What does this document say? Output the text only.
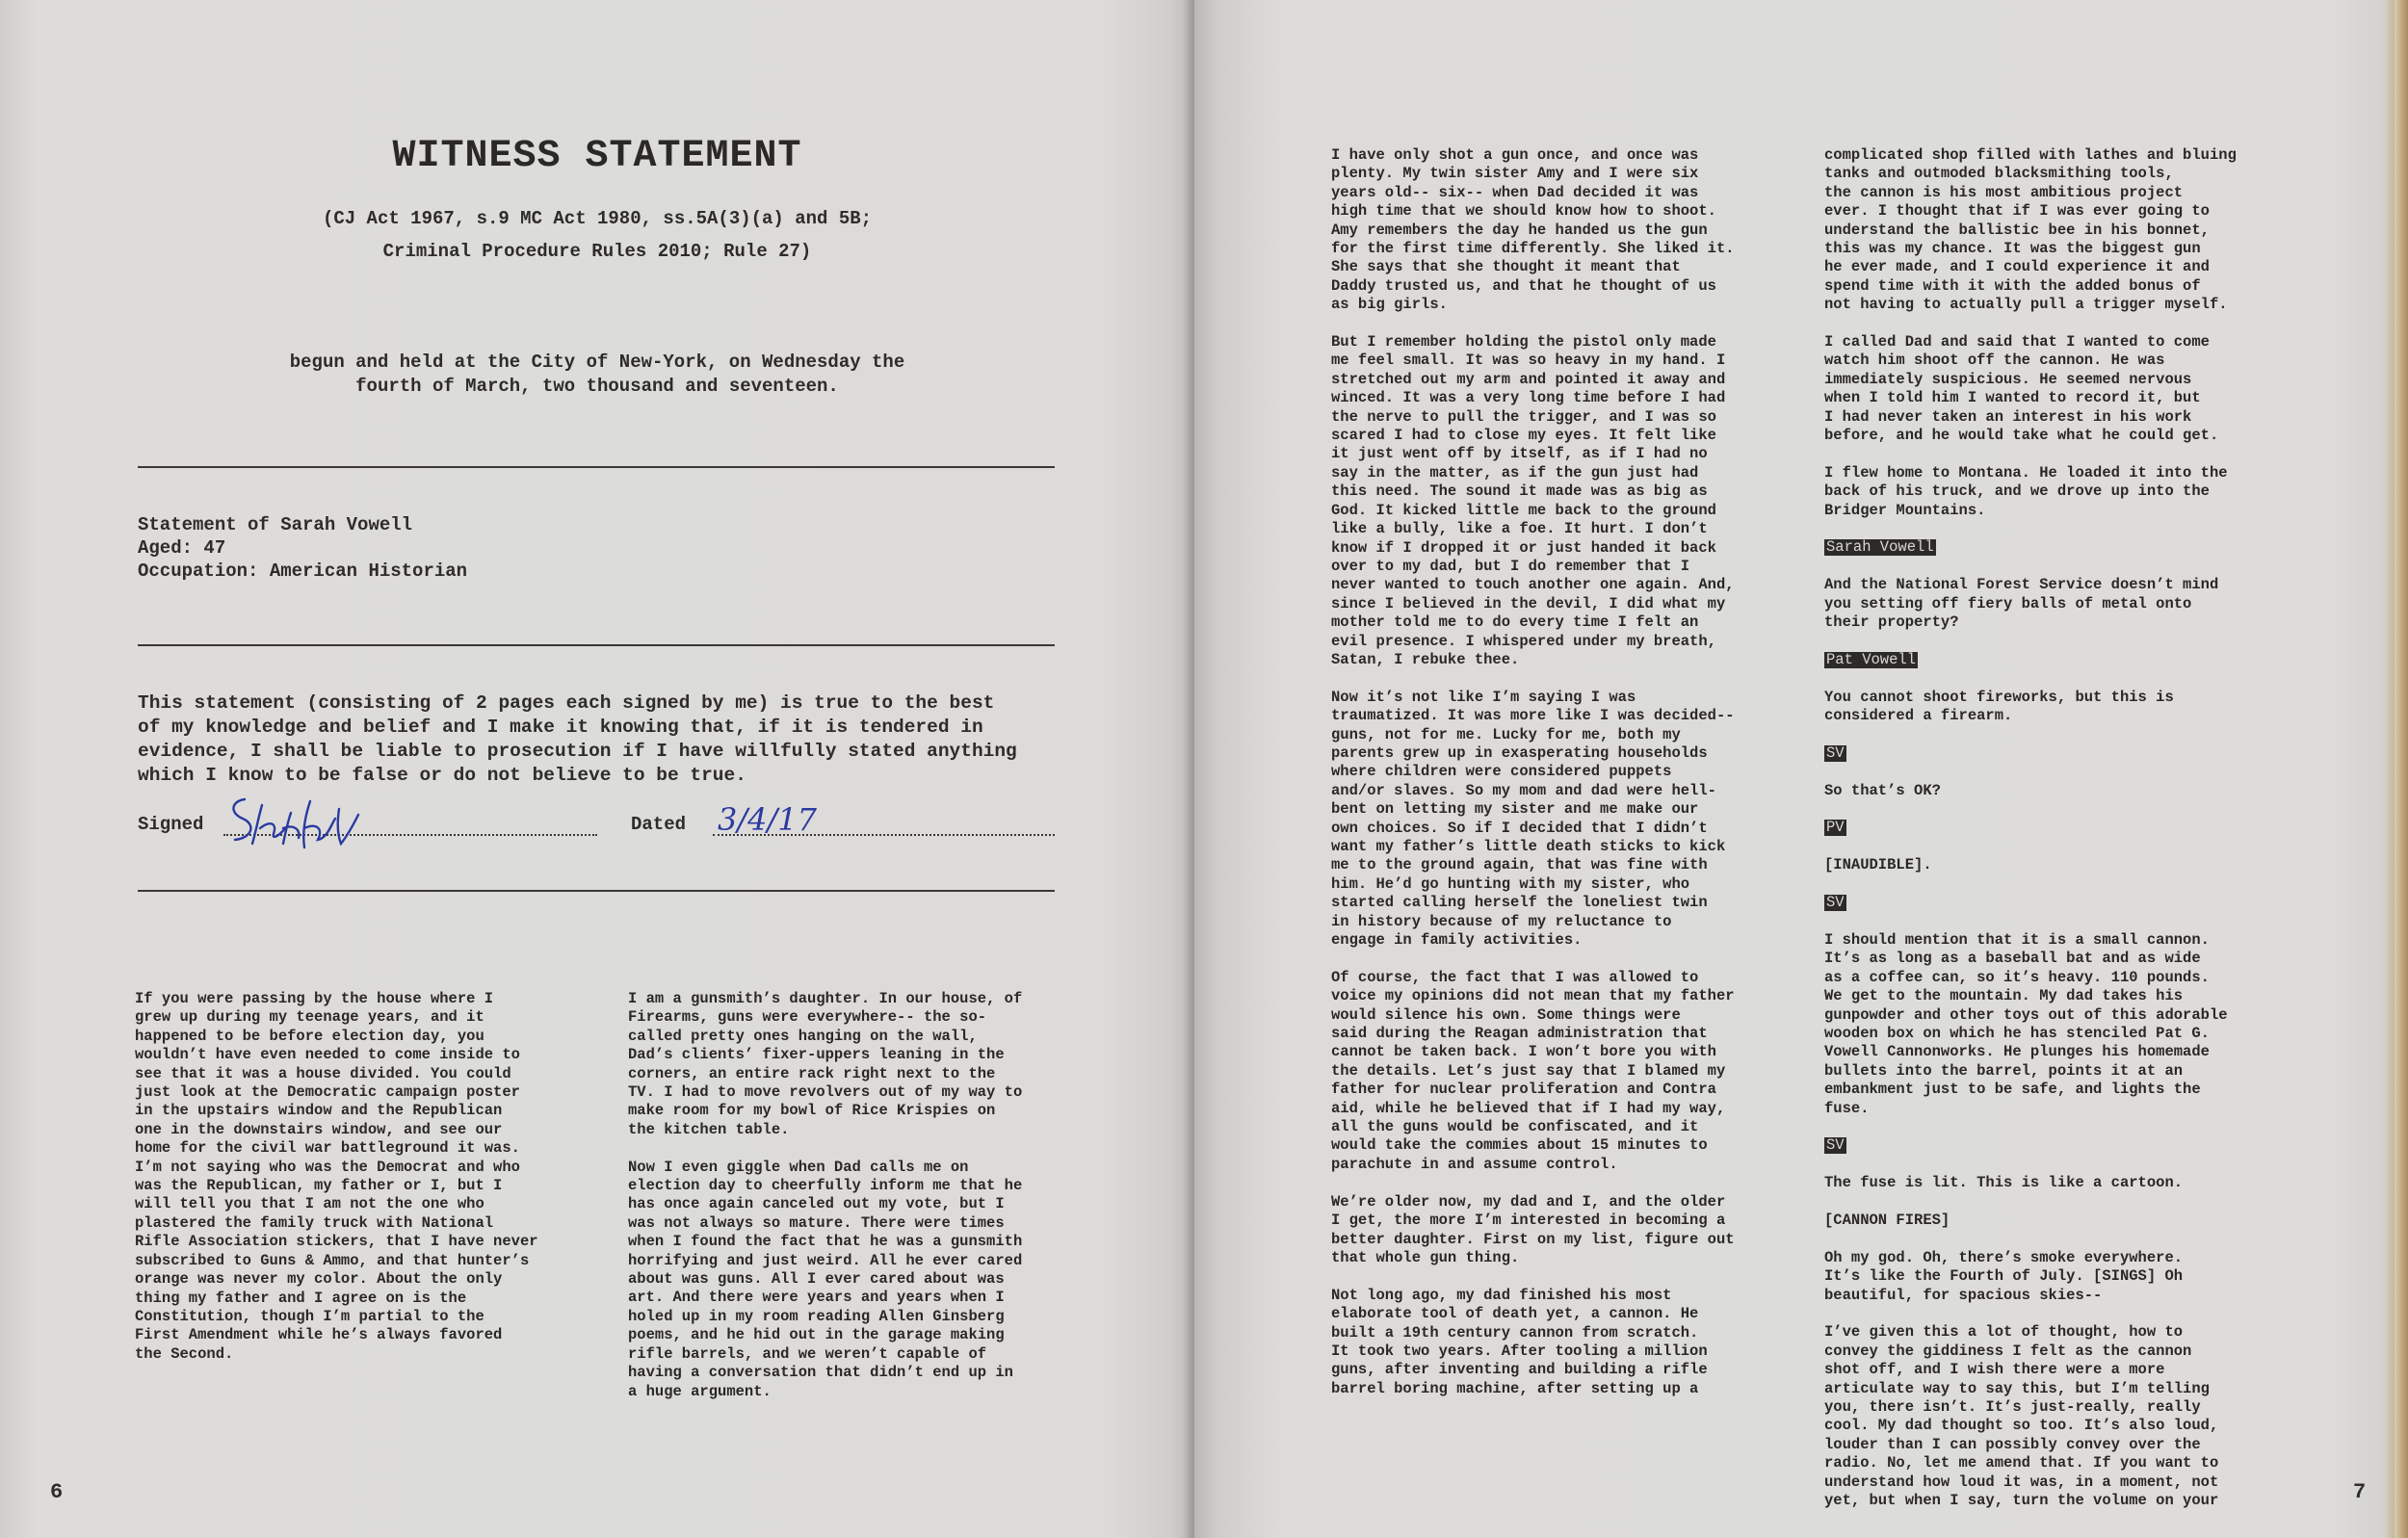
WITNESS STATEMENT
(CJ Act 1967, s.9 MC Act 1980, ss.5A(3)(a) and 5B;
Criminal Procedure Rules 2010; Rule 27)
begun and held at the City of New-York, on Wednesday the
fourth of March, two thousand and seventeen.
Statement of Sarah Vowell
Aged: 47
Occupation: American Historian
This statement (consisting of 2 pages each signed by me) is true to the best
of my knowledge and belief and I make it knowing that, if it is tendered in
evidence, I shall be liable to prosecution if I have willfully stated anything
which I know to be false or do not believe to be true.
Signed	Dated 3/4/17

If you were passing by the house where I
grew up during my teenage years, and it
happened to be before election day, you
wouldn’t have even needed to come inside to
see that it was a house divided. You could
just look at the Democratic campaign poster
in the upstairs window and the Republican
one in the downstairs window, and see our
home for the civil war battleground it was.
I’m not saying who was the Democrat and who
was the Republican, my father or I, but I
will tell you that I am not the one who
plastered the family truck with National
Rifle Association stickers, that I have never
subscribed to Guns & Ammo, and that hunter’s
orange was never my color. About the only
thing my father and I agree on is the
Constitution, though I’m partial to the
First Amendment while he’s always favored
the Second.

I am a gunsmith’s daughter. In our house, of
Firearms, guns were everywhere-- the so-
called pretty ones hanging on the wall,
Dad’s clients’ fixer-uppers leaning in the
corners, an entire rack right next to the
TV. I had to move revolvers out of my way to
make room for my bowl of Rice Krispies on
the kitchen table.

Now I even giggle when Dad calls me on
election day to cheerfully inform me that he
has once again canceled out my vote, but I
was not always so mature. There were times
when I found the fact that he was a gunsmith
horrifying and just weird. All he ever cared
about was guns. All I ever cared about was
art. And there were years and years when I
holed up in my room reading Allen Ginsberg
poems, and he hid out in the garage making
rifle barrels, and we weren’t capable of
having a conversation that didn’t end up in
a huge argument.

6

I have only shot a gun once, and once was
plenty. My twin sister Amy and I were six
years old-- six-- when Dad decided it was
high time that we should know how to shoot.
Amy remembers the day he handed us the gun
for the first time differently. She liked it.
She says that she thought it meant that
Daddy trusted us, and that he thought of us
as big girls.

But I remember holding the pistol only made
me feel small. It was so heavy in my hand. I
stretched out my arm and pointed it away and
winced. It was a very long time before I had
the nerve to pull the trigger, and I was so
scared I had to close my eyes. It felt like
it just went off by itself, as if I had no
say in the matter, as if the gun just had
this need. The sound it made was as big as
God. It kicked little me back to the ground
like a bully, like a foe. It hurt. I don’t
know if I dropped it or just handed it back
over to my dad, but I do remember that I
never wanted to touch another one again. And,
since I believed in the devil, I did what my
mother told me to do every time I felt an
evil presence. I whispered under my breath,
Satan, I rebuke thee.

Now it’s not like I’m saying I was
traumatized. It was more like I was decided--
guns, not for me. Lucky for me, both my
parents grew up in exasperating households
where children were considered puppets
and/or slaves. So my mom and dad were hell-
bent on letting my sister and me make our
own choices. So if I decided that I didn’t
want my father’s little death sticks to kick
me to the ground again, that was fine with
him. He’d go hunting with my sister, who
started calling herself the loneliest twin
in history because of my reluctance to
engage in family activities.

Of course, the fact that I was allowed to
voice my opinions did not mean that my father
would silence his own. Some things were
said during the Reagan administration that
cannot be taken back. I won’t bore you with
the details. Let’s just say that I blamed my
father for nuclear proliferation and Contra
aid, while he believed that if I had my way,
all the guns would be confiscated, and it
would take the commies about 15 minutes to
parachute in and assume control.

We’re older now, my dad and I, and the older
I get, the more I’m interested in becoming a
better daughter. First on my list, figure out
that whole gun thing.

Not long ago, my dad finished his most
elaborate tool of death yet, a cannon. He
built a 19th century cannon from scratch.
It took two years. After tooling a million
guns, after inventing and building a rifle
barrel boring machine, after setting up a

complicated shop filled with lathes and bluing
tanks and outmoded blacksmithing tools,
the cannon is his most ambitious project
ever. I thought that if I was ever going to
understand the ballistic bee in his bonnet,
this was my chance. It was the biggest gun
he ever made, and I could experience it and
spend time with it with the added bonus of
not having to actually pull a trigger myself.

I called Dad and said that I wanted to come
watch him shoot off the cannon. He was
immediately suspicious. He seemed nervous
when I told him I wanted to record it, but
I had never taken an interest in his work
before, and he would take what he could get.

I flew home to Montana. He loaded it into the
back of his truck, and we drove up into the
Bridger Mountains.

Sarah Vowell

And the National Forest Service doesn’t mind
you setting off fiery balls of metal onto
their property?

Pat Vowell

You cannot shoot fireworks, but this is
considered a firearm.

SV

So that’s OK?

PV

[INAUDIBLE].

SV

I should mention that it is a small cannon.
It’s as long as a baseball bat and as wide
as a coffee can, so it’s heavy. 110 pounds.
We get to the mountain. My dad takes his
gunpowder and other toys out of this adorable
wooden box on which he has stenciled Pat G.
Vowell Cannonworks. He plunges his homemade
bullets into the barrel, points it at an
embankment just to be safe, and lights the
fuse.

SV

The fuse is lit. This is like a cartoon.

[CANNON FIRES]

Oh my god. Oh, there’s smoke everywhere.
It’s like the Fourth of July. [SINGS] Oh
beautiful, for spacious skies--

I’ve given this a lot of thought, how to
convey the giddiness I felt as the cannon
shot off, and I wish there were a more
articulate way to say this, but I’m telling
you, there isn’t. It’s just-really, really
cool. My dad thought so too. It’s also loud,
louder than I can possibly convey over the
radio. No, let me amend that. If you want to
understand how loud it was, in a moment, not
yet, but when I say, turn the volume on your	7
